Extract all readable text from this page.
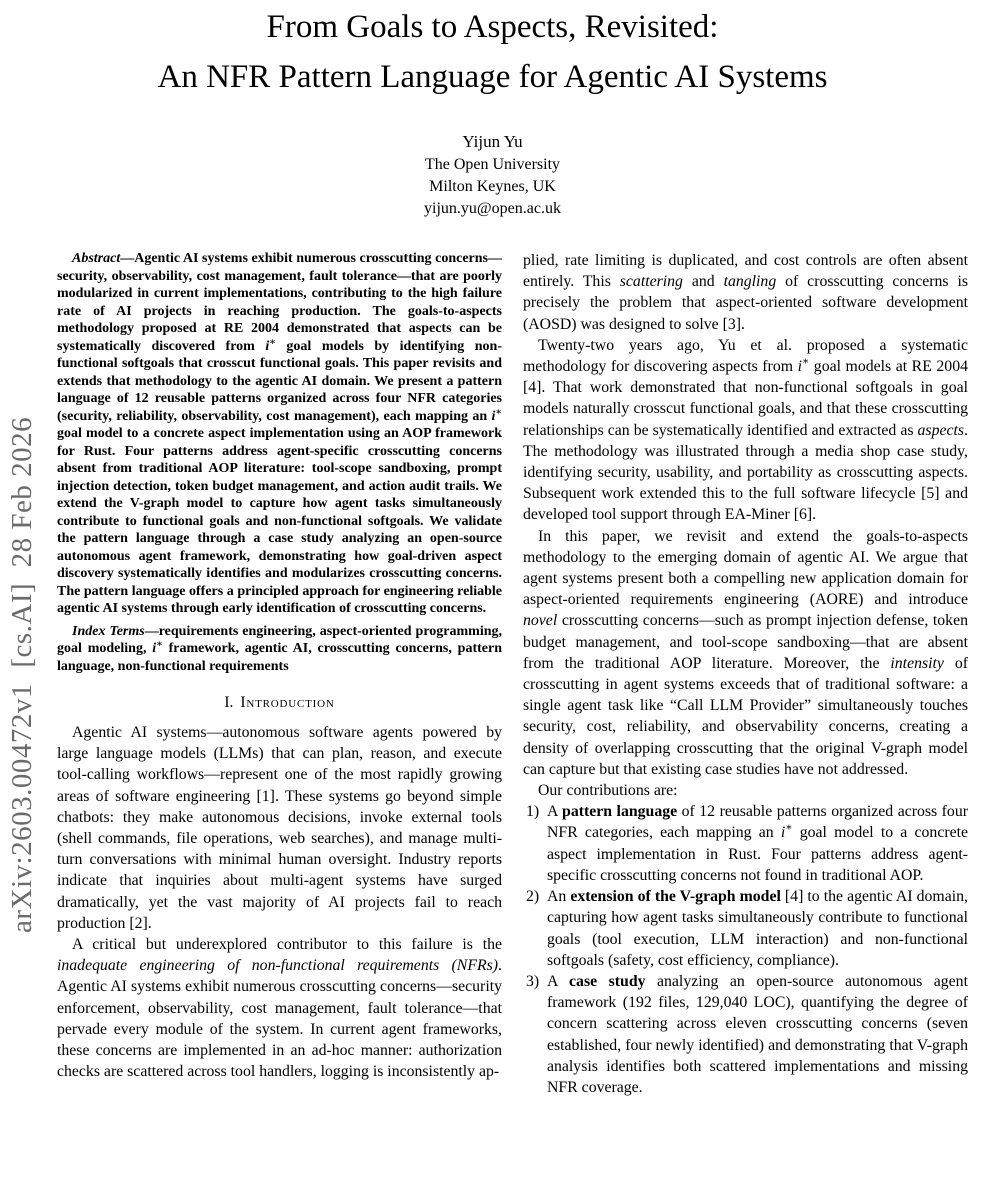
arXiv:2603.00472v1  [cs.AI]  28 Feb 2026
From Goals to Aspects, Revisited:
An NFR Pattern Language for Agentic AI Systems
Yijun Yu
The Open University
Milton Keynes, UK
yijun.yu@open.ac.uk

Abstract—Agentic AI systems exhibit numerous crosscutting concerns—security, observability, cost management, fault tolerance—that are poorly modularized in current implementations, contributing to the high failure rate of AI projects in reaching production. The goals-to-aspects methodology proposed at RE 2004 demonstrated that aspects can be systematically discovered from i∗ goal models by identifying non-functional softgoals that crosscut functional goals. This paper revisits and extends that methodology to the agentic AI domain. We present a pattern language of 12 reusable patterns organized across four NFR categories (security, reliability, observability, cost management), each mapping an i∗ goal model to a concrete aspect implementation using an AOP framework for Rust. Four patterns address agent-specific crosscutting concerns absent from traditional AOP literature: tool-scope sandboxing, prompt injection detection, token budget management, and action audit trails. We extend the V-graph model to capture how agent tasks simultaneously contribute to functional goals and non-functional softgoals. We validate the pattern language through a case study analyzing an open-source autonomous agent framework, demonstrating how goal-driven aspect discovery systematically identifies and modularizes crosscutting concerns. The pattern language offers a principled approach for engineering reliable agentic AI systems through early identification of crosscutting concerns.

Index Terms—requirements engineering, aspect-oriented programming, goal modeling, i∗ framework, agentic AI, crosscutting concerns, pattern language, non-functional requirements

I. Introduction

Agentic AI systems—autonomous software agents powered by large language models (LLMs) that can plan, reason, and execute tool-calling workflows—represent one of the most rapidly growing areas of software engineering [1]. These systems go beyond simple chatbots: they make autonomous decisions, invoke external tools (shell commands, file operations, web searches), and manage multi-turn conversations with minimal human oversight. Industry reports indicate that inquiries about multi-agent systems have surged dramatically, yet the vast majority of AI projects fail to reach production [2].

A critical but underexplored contributor to this failure is the inadequate engineering of non-functional requirements (NFRs). Agentic AI systems exhibit numerous crosscutting concerns—security enforcement, observability, cost management, fault tolerance—that pervade every module of the system. In current agent frameworks, these concerns are implemented in an ad-hoc manner: authorization checks are scattered across tool handlers, logging is inconsistently ap-

plied, rate limiting is duplicated, and cost controls are often absent entirely. This scattering and tangling of crosscutting concerns is precisely the problem that aspect-oriented software development (AOSD) was designed to solve [3].

Twenty-two years ago, Yu et al. proposed a systematic methodology for discovering aspects from i∗ goal models at RE 2004 [4]. That work demonstrated that non-functional softgoals in goal models naturally crosscut functional goals, and that these crosscutting relationships can be systematically identified and extracted as aspects. The methodology was illustrated through a media shop case study, identifying security, usability, and portability as crosscutting aspects. Subsequent work extended this to the full software lifecycle [5] and developed tool support through EA-Miner [6].

In this paper, we revisit and extend the goals-to-aspects methodology to the emerging domain of agentic AI. We argue that agent systems present both a compelling new application domain for aspect-oriented requirements engineering (AORE) and introduce novel crosscutting concerns—such as prompt injection defense, token budget management, and tool-scope sandboxing—that are absent from the traditional AOP literature. Moreover, the intensity of crosscutting in agent systems exceeds that of traditional software: a single agent task like “Call LLM Provider” simultaneously touches security, cost, reliability, and observability concerns, creating a density of overlapping crosscutting that the original V-graph model can capture but that existing case studies have not addressed.

Our contributions are:

1) A pattern language of 12 reusable patterns organized across four NFR categories, each mapping an i∗ goal model to a concrete aspect implementation in Rust. Four patterns address agent-specific crosscutting concerns not found in traditional AOP.
2) An extension of the V-graph model [4] to the agentic AI domain, capturing how agent tasks simultaneously contribute to functional goals (tool execution, LLM interaction) and non-functional softgoals (safety, cost efficiency, compliance).
3) A case study analyzing an open-source autonomous agent framework (192 files, 129,040 LOC), quantifying the degree of concern scattering across eleven crosscutting concerns (seven established, four newly identified) and demonstrating that V-graph analysis identifies both scattered implementations and missing NFR coverage.
